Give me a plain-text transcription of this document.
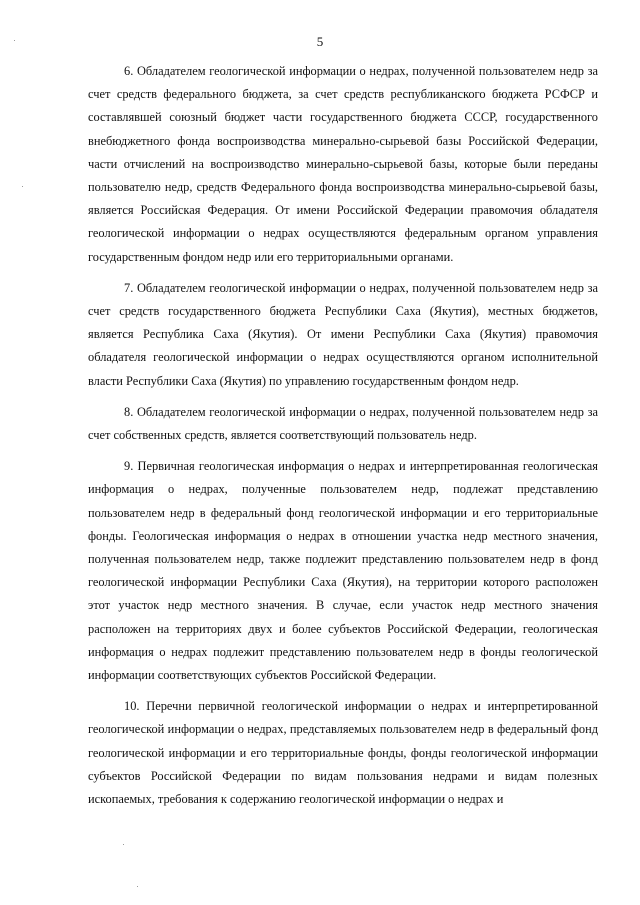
5

6. Обладателем геологической информации о недрах, полученной пользователем недр за счет средств федерального бюджета, за счет средств республиканского бюджета РСФСР и составлявшей союзный бюджет части государственного бюджета СССР, государственного внебюджетного фонда воспроизводства минерально-сырьевой базы Российской Федерации, части отчислений на воспроизводство минерально-сырьевой базы, которые были переданы пользователю недр, средств Федерального фонда воспроизводства минерально-сырьевой базы, является Российская Федерация. От имени Российской Федерации правомочия обладателя геологической информации о недрах осуществляются федеральным органом управления государственным фондом недр или его территориальными органами.

7. Обладателем геологической информации о недрах, полученной пользователем недр за счет средств государственного бюджета Республики Саха (Якутия), местных бюджетов, является Республика Саха (Якутия). От имени Республики Саха (Якутия) правомочия обладателя геологической информации о недрах осуществляются органом исполнительной власти Республики Саха (Якутия) по управлению государственным фондом недр.

8. Обладателем геологической информации о недрах, полученной пользователем недр за счет собственных средств, является соответствующий пользователь недр.

9. Первичная геологическая информация о недрах и интерпретированная геологическая информация о недрах, полученные пользователем недр, подлежат представлению пользователем недр в федеральный фонд геологической информации и его территориальные фонды. Геологическая информация о недрах в отношении участка недр местного значения, полученная пользователем недр, также подлежит представлению пользователем недр в фонд геологической информации Республики Саха (Якутия), на территории которого расположен этот участок недр местного значения. В случае, если участок недр местного значения расположен на территориях двух и более субъектов Российской Федерации, геологическая информация о недрах подлежит представлению пользователем недр в фонды геологической информации соответствующих субъектов Российской Федерации.

10. Перечни первичной геологической информации о недрах и интерпретированной геологической информации о недрах, представляемых пользователем недр в федеральный фонд геологической информации и его территориальные фонды, фонды геологической информации субъектов Российской Федерации по видам пользования недрами и видам полезных ископаемых, требования к содержанию геологической информации о недрах и
